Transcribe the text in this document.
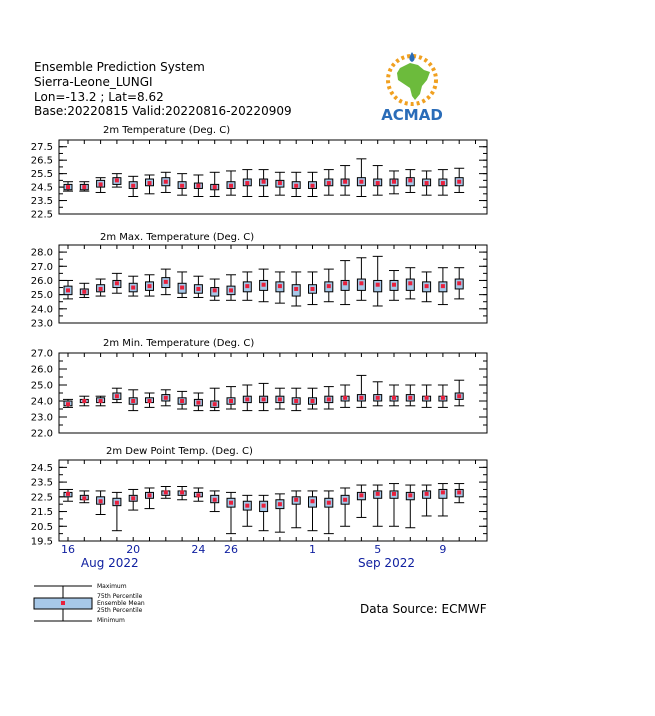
Ensemble Prediction System
Sierra-Leone_LUNGI
Lon=-13.2 ; Lat=8.62
Base:20220815 Valid:20220816-20220909	ACMAD
2m Temperature (Deg. C)
22.5
23.5
24.5
25.5
26.5
27.5
2m Max. Temperature (Deg. C)
23.0
24.0
25.0
26.0
27.0
28.0
2m Min. Temperature (Deg. C)
22.0
23.0
24.0
25.0
26.0
27.0
2m Dew Point Temp. (Deg. C)
19.5
20.5
21.5
22.5
23.5
24.5
16	20	24 26	1	5	9
Aug 2022	Sep 2022
Maximum
75th Percentile
Ensemble Mean
25th Percentile
Minimum
Data Source: ECMWF
